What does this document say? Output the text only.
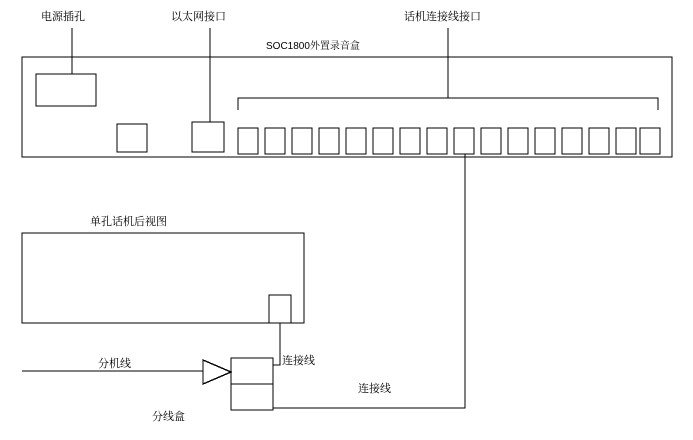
电源插孔	以太网接口	话机连接线接口
SOC1800外置录音盒
单孔话机后视图
分机线
分线盒
连接线
连接线
